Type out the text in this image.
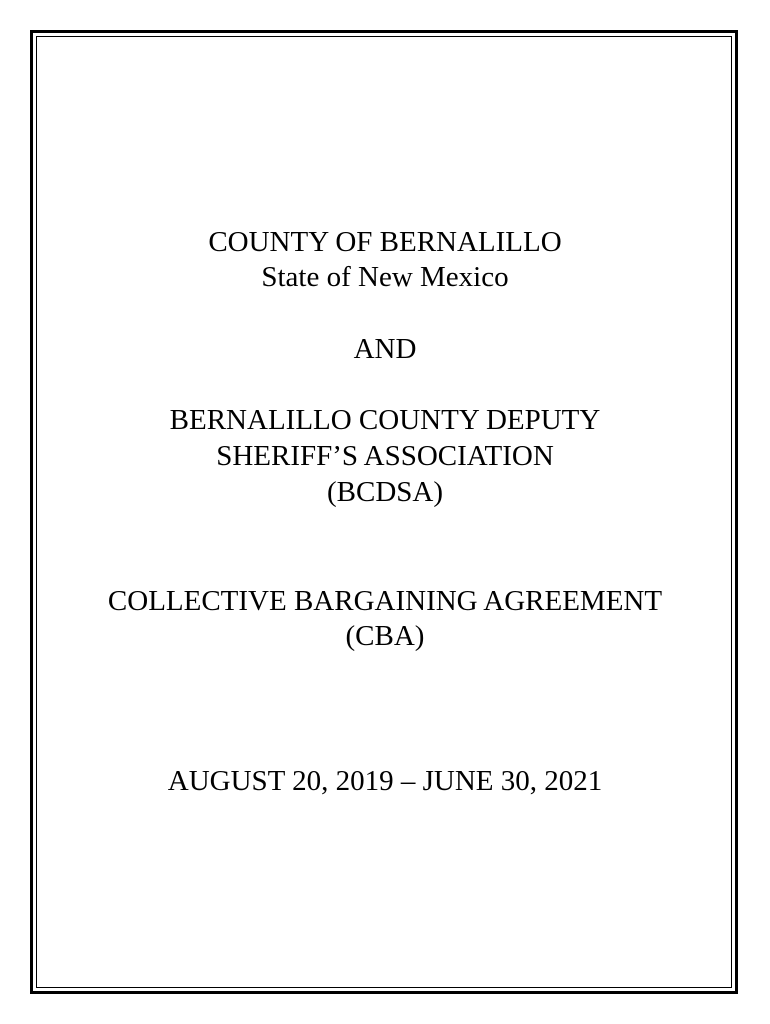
COUNTY OF BERNALILLO
State of New Mexico
AND
BERNALILLO COUNTY DEPUTY
SHERIFF’S ASSOCIATION
(BCDSA)
COLLECTIVE BARGAINING AGREEMENT
(CBA)
AUGUST 20, 2019 – JUNE 30, 2021
